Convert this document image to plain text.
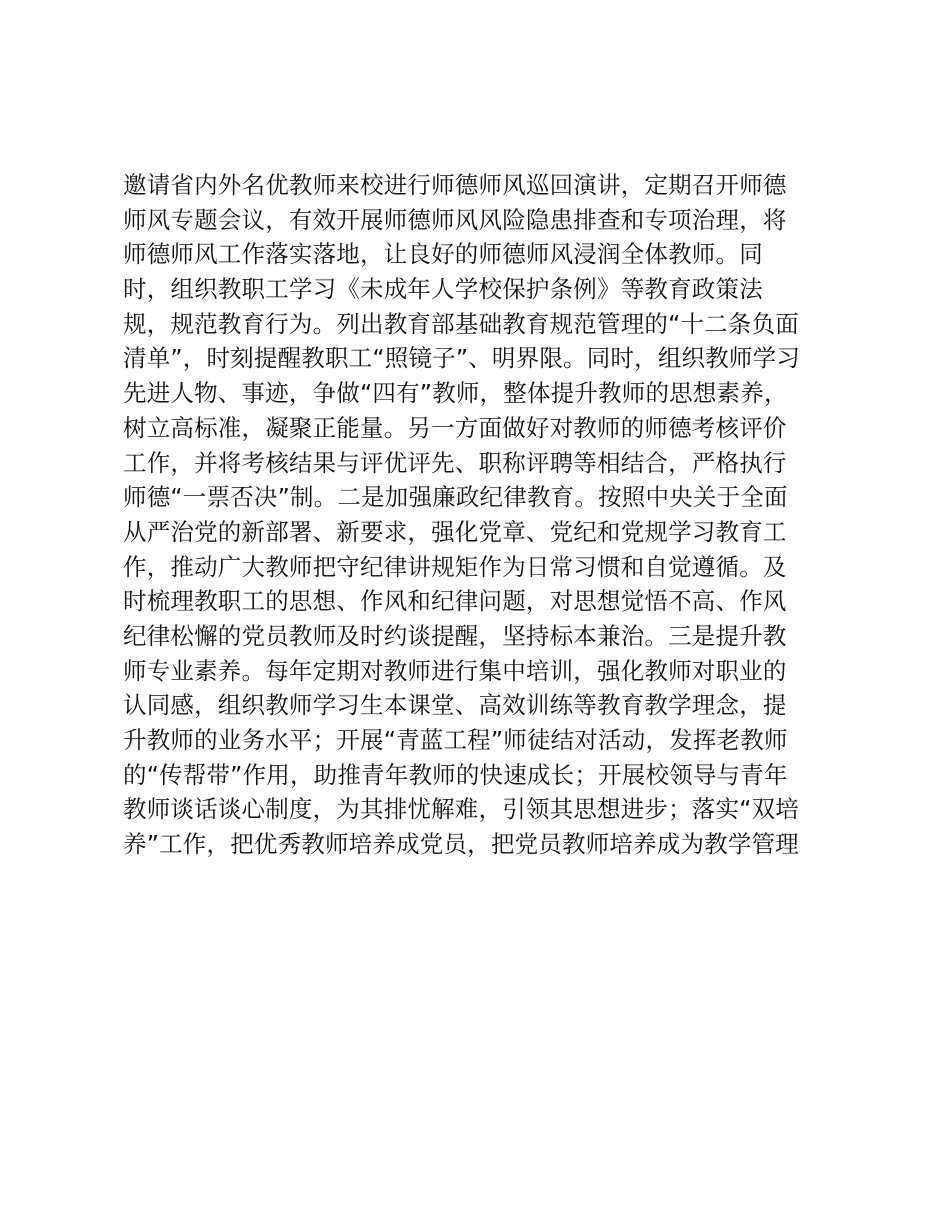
邀请省内外名优教师来校进行师德师风巡回演讲，定期召开师德
师风专题会议，有效开展师德师风风险隐患排查和专项治理，将
师德师风工作落实落地，让良好的师德师风浸润全体教师。同
时，组织教职工学习《未成年人学校保护条例》等教育政策法
规，规范教育行为。列出教育部基础教育规范管理的“十二条负面
清单”，时刻提醒教职工“照镜子”、明界限。同时，组织教师学习
先进人物、事迹，争做“四有”教师，整体提升教师的思想素养，
树立高标准，凝聚正能量。另一方面做好对教师的师德考核评价
工作，并将考核结果与评优评先、职称评聘等相结合，严格执行
师德“一票否决”制。二是加强廉政纪律教育。按照中央关于全面
从严治党的新部署、新要求，强化党章、党纪和党规学习教育工
作，推动广大教师把守纪律讲规矩作为日常习惯和自觉遵循。及
时梳理教职工的思想、作风和纪律问题，对思想觉悟不高、作风
纪律松懈的党员教师及时约谈提醒，坚持标本兼治。三是提升教
师专业素养。每年定期对教师进行集中培训，强化教师对职业的
认同感，组织教师学习生本课堂、高效训练等教育教学理念，提
升教师的业务水平；开展“青蓝工程”师徒结对活动，发挥老教师
的“传帮带”作用，助推青年教师的快速成长；开展校领导与青年
教师谈话谈心制度，为其排忧解难，引领其思想进步；落实“双培
养”工作，把优秀教师培养成党员，把党员教师培养成为教学管理
